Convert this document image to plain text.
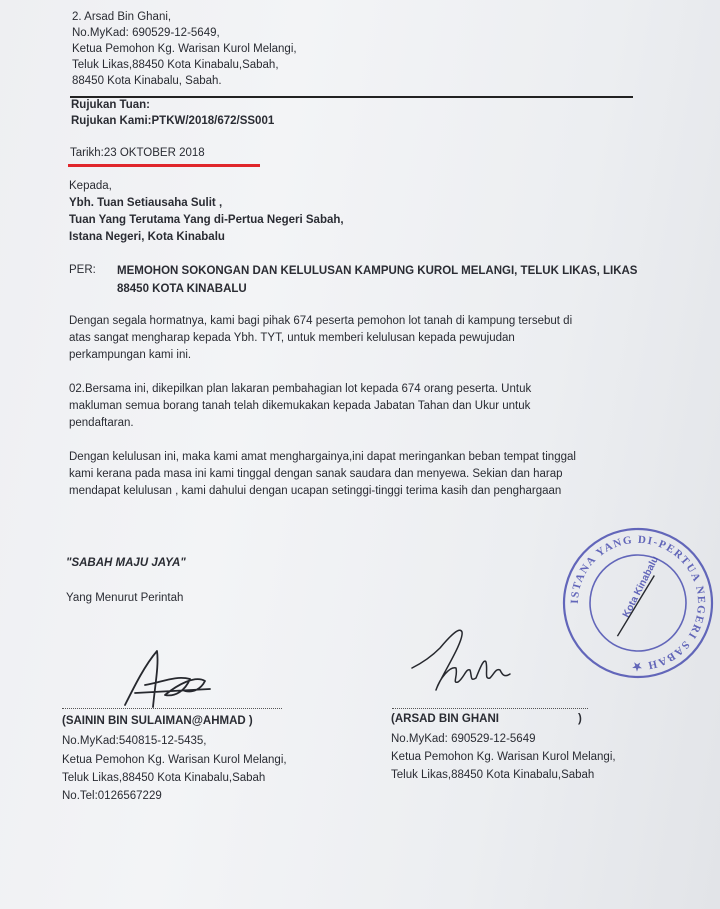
2. Arsad Bin Ghani,
No.MyKad: 690529-12-5649,
Ketua Pemohon Kg. Warisan Kurol Melangi,
Teluk Likas,88450 Kota Kinabalu,Sabah,
88450 Kota Kinabalu, Sabah.
Rujukan Tuan:
Rujukan Kami:PTKW/2018/672/SS001
Tarikh:23 OKTOBER 2018
Kepada,
Ybh. Tuan Setiausaha Sulit ,
Tuan Yang Terutama Yang di-Pertua Negeri Sabah,
Istana Negeri, Kota Kinabalu
PER: MEMOHON SOKONGAN DAN KELULUSAN KAMPUNG KUROL MELANGI, TELUK LIKAS, LIKAS
88450 KOTA KINABALU
Dengan segala hormatnya, kami bagi pihak 674 peserta pemohon lot tanah di kampung tersebut di
atas sangat mengharap kepada Ybh. TYT, untuk memberi kelulusan kepada pewujudan
perkampungan kami ini.
02.Bersama ini, dikepilkan plan lakaran pembahagian lot kepada 674 orang peserta. Untuk
makluman semua borang tanah telah dikemukakan kepada Jabatan Tahan dan Ukur untuk
pendaftaran.
Dengan kelulusan ini, maka kami amat menghargainya,ini dapat meringankan beban tempat tinggal
kami kerana pada masa ini kami tinggal dengan sanak saudara dan menyewa. Sekian dan harap
mendapat kelulusan , kami dahului dengan ucapan setinggi-tinggi terima kasih dan penghargaan
"SABAH MAJU JAYA"
Yang Menurut Perintah	ISTANA YANG DI-PERTUA NEGERI SABAH ★
Kota Kinabalu
(SAININ BIN SULAIMAN@AHMAD )
No.MyKad:540815-12-5435,
Ketua Pemohon Kg. Warisan Kurol Melangi,
Teluk Likas,88450 Kota Kinabalu,Sabah
No.Tel:0126567229
(ARSAD BIN GHANI	)
No.MyKad: 690529-12-5649
Ketua Pemohon Kg. Warisan Kurol Melangi,
Teluk Likas,88450 Kota Kinabalu,Sabah
